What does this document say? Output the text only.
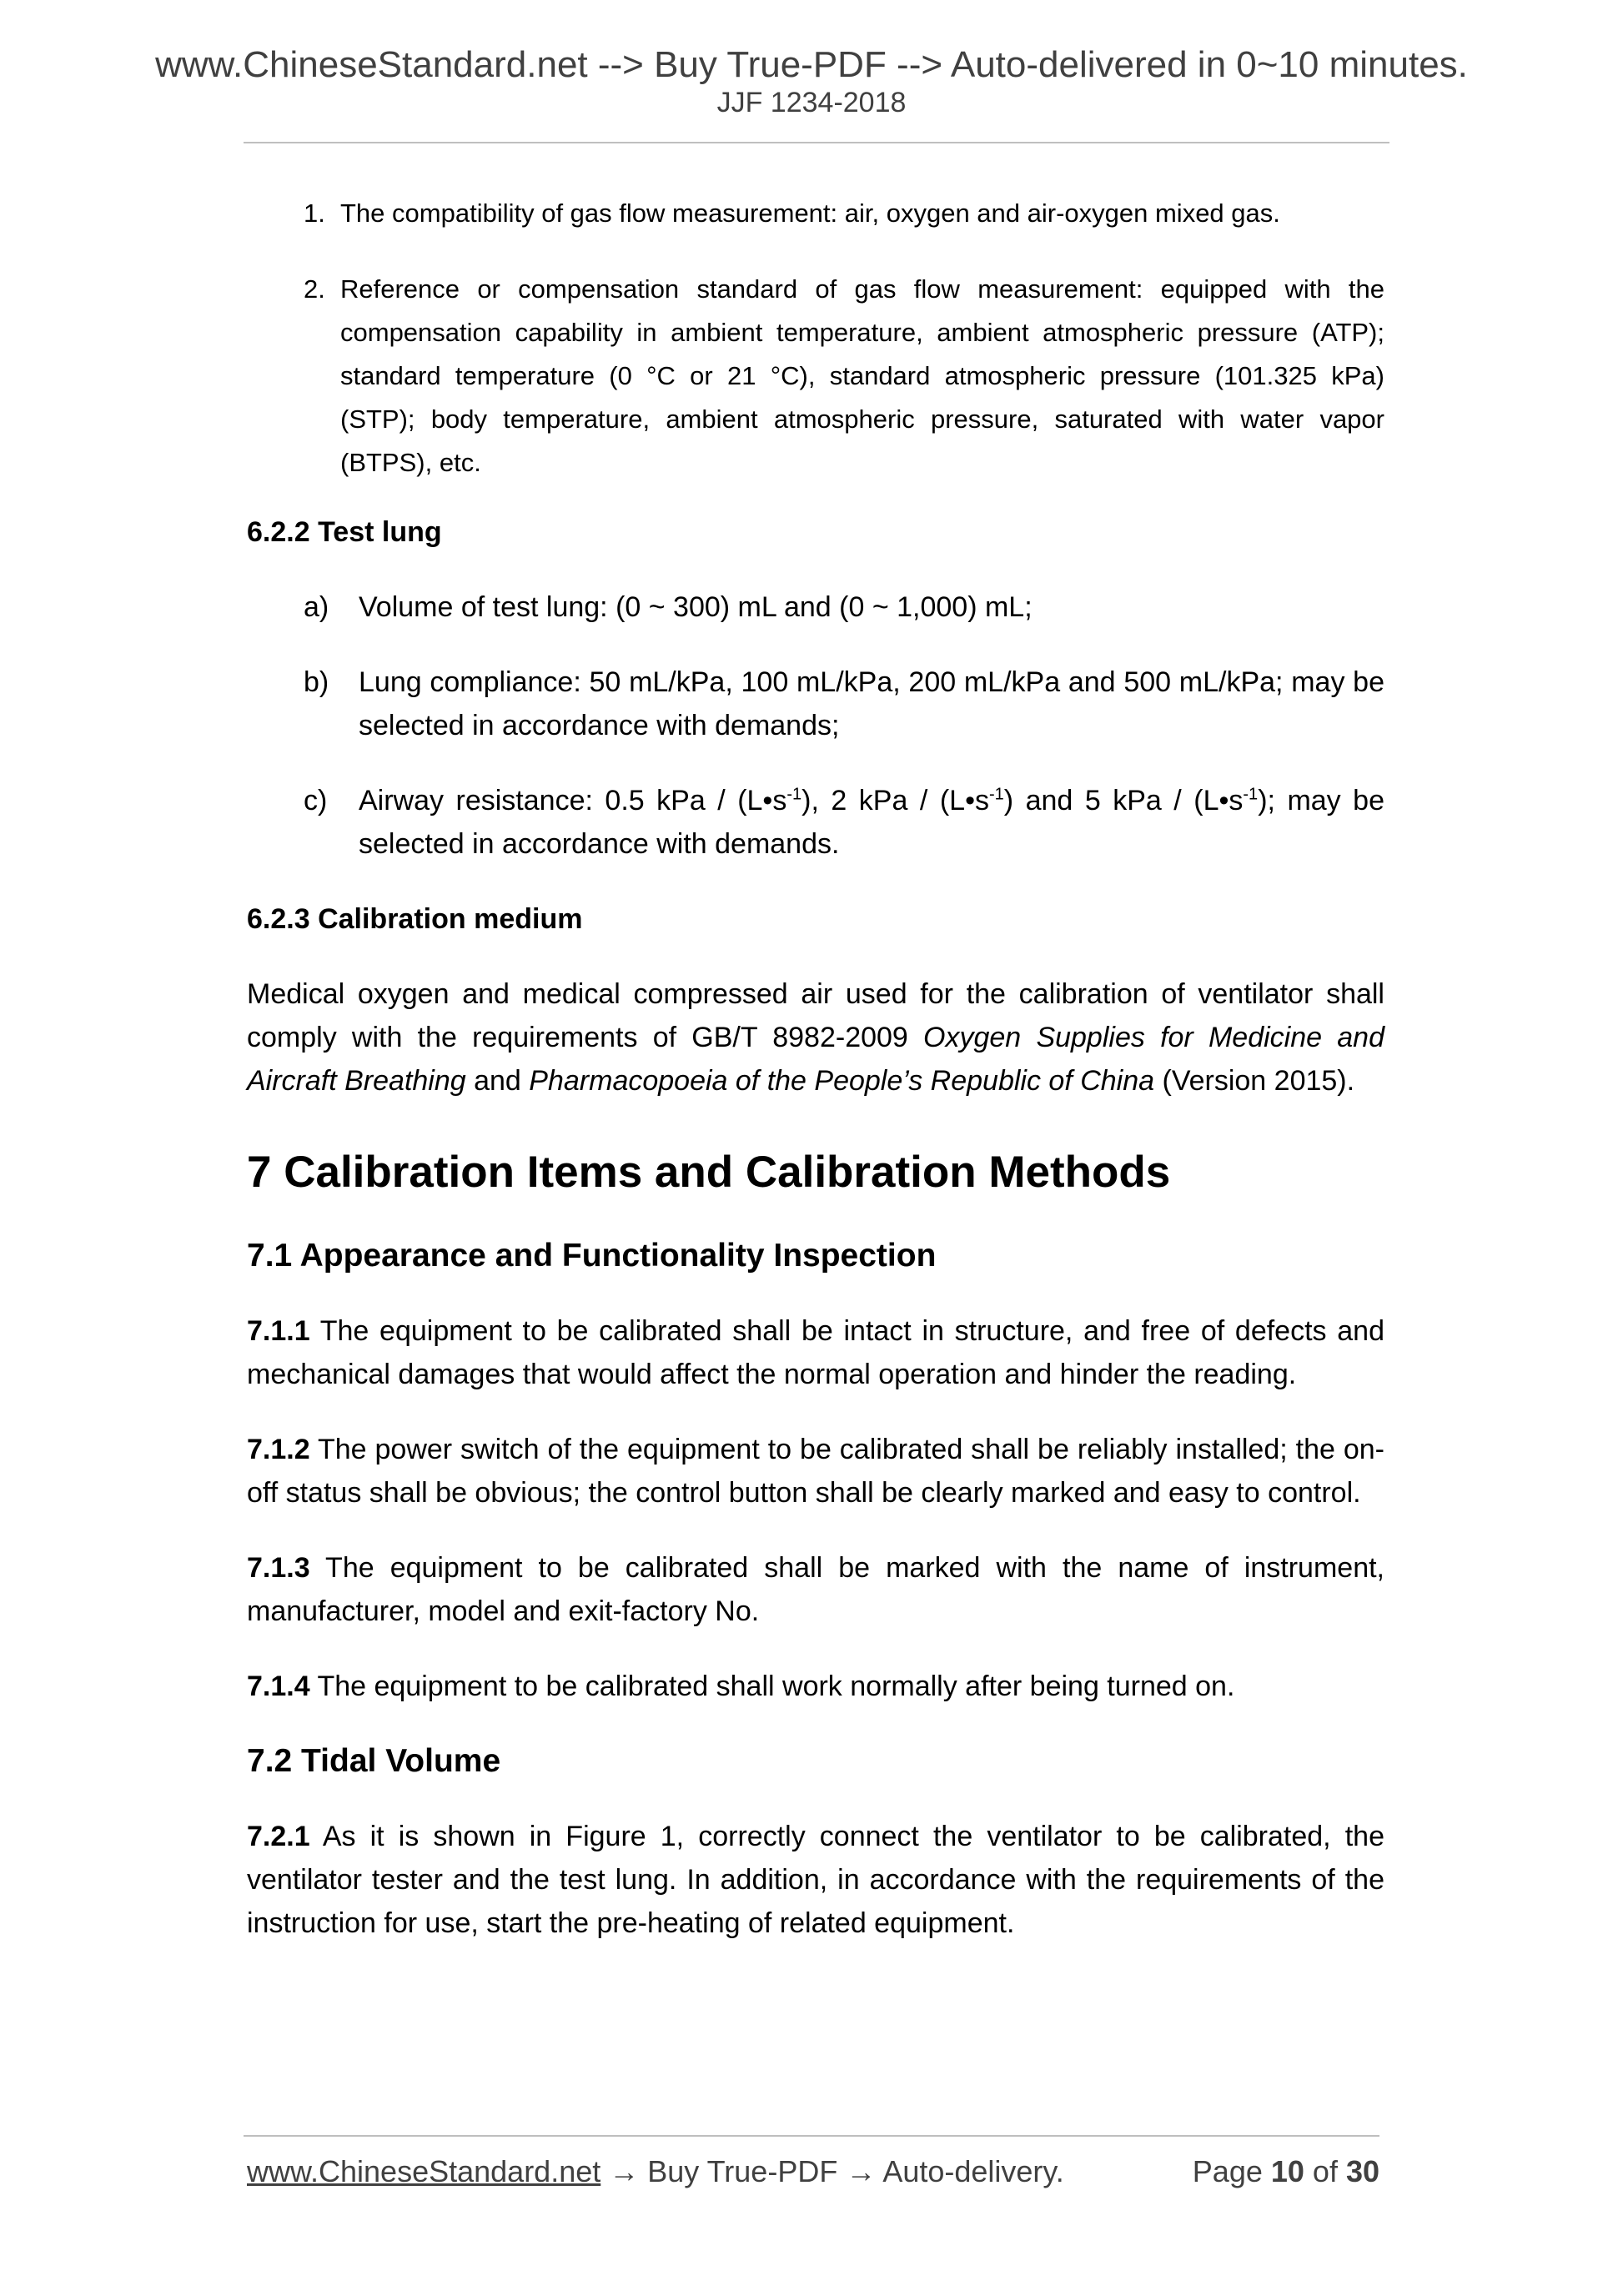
www.ChineseStandard.net --> Buy True-PDF --> Auto-delivered in 0~10 minutes.
JJF 1234-2018
1. The compatibility of gas flow measurement: air, oxygen and air-oxygen mixed gas.
2. Reference or compensation standard of gas flow measurement: equipped with the compensation capability in ambient temperature, ambient atmospheric pressure (ATP); standard temperature (0 °C or 21 °C), standard atmospheric pressure (101.325 kPa) (STP); body temperature, ambient atmospheric pressure, saturated with water vapor (BTPS), etc.
6.2.2 Test lung
a)	Volume of test lung: (0 ~ 300) mL and (0 ~ 1,000) mL;
b)	Lung compliance: 50 mL/kPa, 100 mL/kPa, 200 mL/kPa and 500 mL/kPa; may be selected in accordance with demands;
c)	Airway resistance: 0.5 kPa / $(L•s^{-1})$, 2 kPa / $(L•s^{-1})$ and 5 kPa / $(L•s^{-1})$; may be selected in accordance with demands.
6.2.3 Calibration medium

Medical oxygen and medical compressed air used for the calibration of ventilator shall comply with the requirements of GB/T 8982-2009 Oxygen Supplies for Medicine and Aircraft Breathing and Pharmacopoeia of the People’s Republic of China (Version 2015).

7 Calibration Items and Calibration Methods
7.1 Appearance and Functionality Inspection

7.1.1 The equipment to be calibrated shall be intact in structure, and free of defects and mechanical damages that would affect the normal operation and hinder the reading.

7.1.2 The power switch of the equipment to be calibrated shall be reliably installed; the on-off status shall be obvious; the control button shall be clearly marked and easy to control.

7.1.3 The equipment to be calibrated shall be marked with the name of instrument, manufacturer, model and exit-factory No.

7.1.4 The equipment to be calibrated shall work normally after being turned on.

7.2 Tidal Volume

7.2.1 As it is shown in Figure 1, correctly connect the ventilator to be calibrated, the ventilator tester and the test lung. In addition, in accordance with the requirements of the instruction for use, start the pre-heating of related equipment.

www.ChineseStandard.net → Buy True-PDF → Auto-delivery.	Page 10 of 30
